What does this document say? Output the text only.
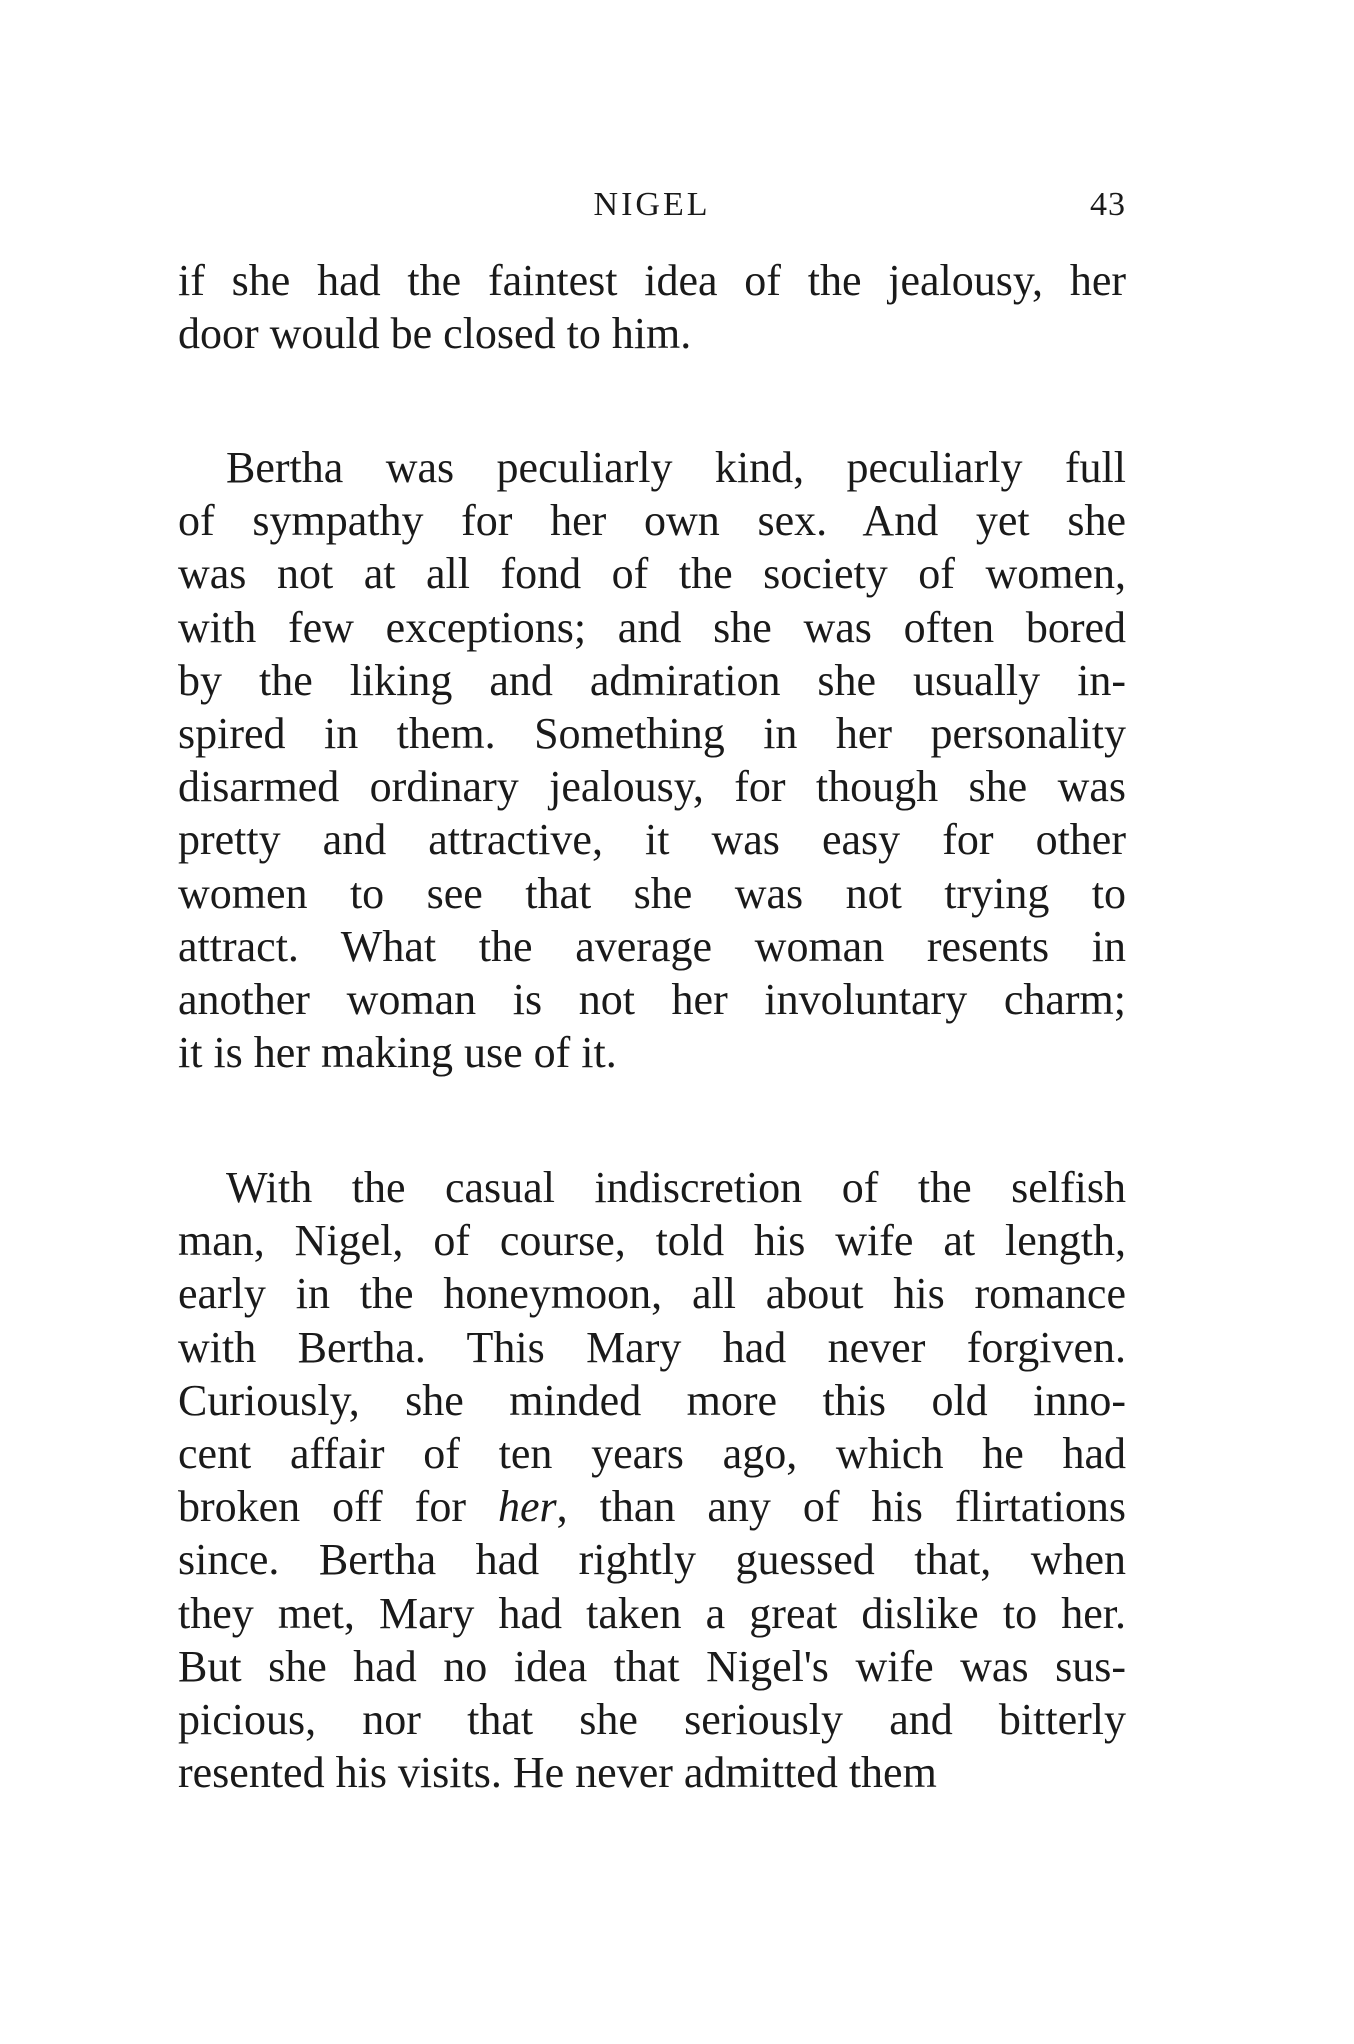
NIGEL	43
if she had the faintest idea of the jealousy, her
door would be closed to him.
Bertha was peculiarly kind, peculiarly full
of sympathy for her own sex. And yet she
was not at all fond of the society of women,
with few exceptions; and she was often bored
by the liking and admiration she usually in-
spired in them. Something in her personality
disarmed ordinary jealousy, for though she was
pretty and attractive, it was easy for other
women to see that she was not trying to
attract. What the average woman resents in
another woman is not her involuntary charm;
it is her making use of it.
With the casual indiscretion of the selfish
man, Nigel, of course, told his wife at length,
early in the honeymoon, all about his romance
with Bertha. This Mary had never forgiven.
Curiously, she minded more this old inno-
cent affair of ten years ago, which he had
broken off for her, than any of his flirtations
since. Bertha had rightly guessed that, when
they met, Mary had taken a great dislike to her.
But she had no idea that Nigel's wife was sus-
picious, nor that she seriously and bitterly
resented his visits. He never admitted them
